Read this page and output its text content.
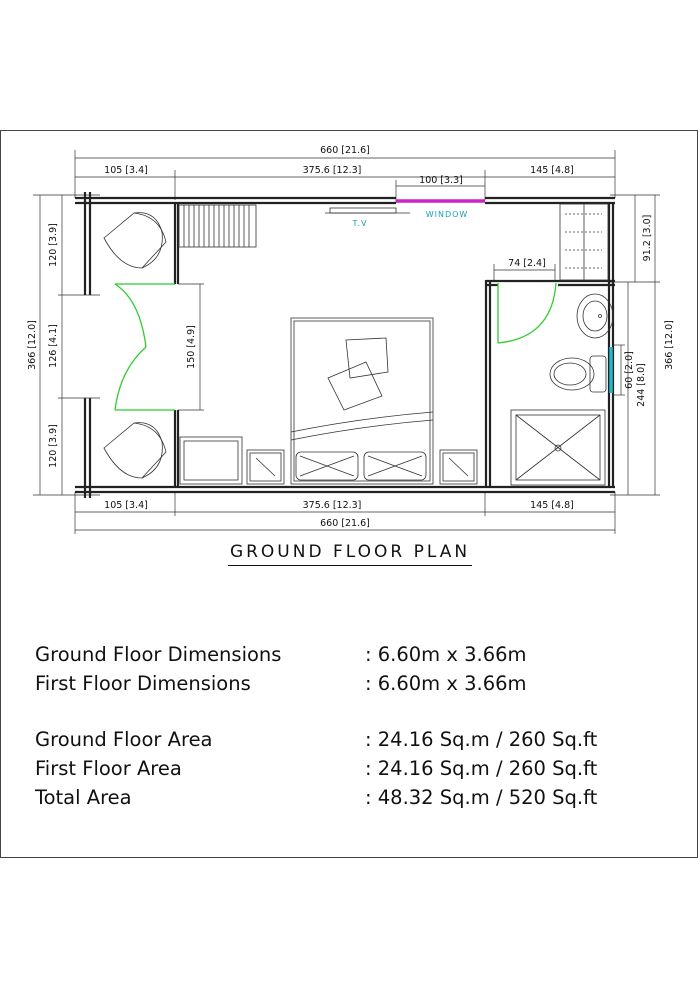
660 [21.6]
105 [3.4]	375.6 [12.3]	145 [4.8]
100 [3.3]
74 [2.4]
105 [3.4]	375.6 [12.3]	145 [4.8]
660 [21.6]
366 [12.0]
120 [3.9]
126 [4.1]
120 [3.9]
150 [4.9]
91.2 [3.0]
366 [12.0]
60 [2.0] 244 [8.0]
T.V
WINDOW
GROUND FLOOR PLAN
Ground Floor Dimensions	: 6.60m x 3.66m
First Floor Dimensions	: 6.60m x 3.66m
Ground Floor Area	: 24.16 Sq.m / 260 Sq.ft
First Floor Area	: 24.16 Sq.m / 260 Sq.ft
Total Area	: 48.32 Sq.m / 520 Sq.ft
